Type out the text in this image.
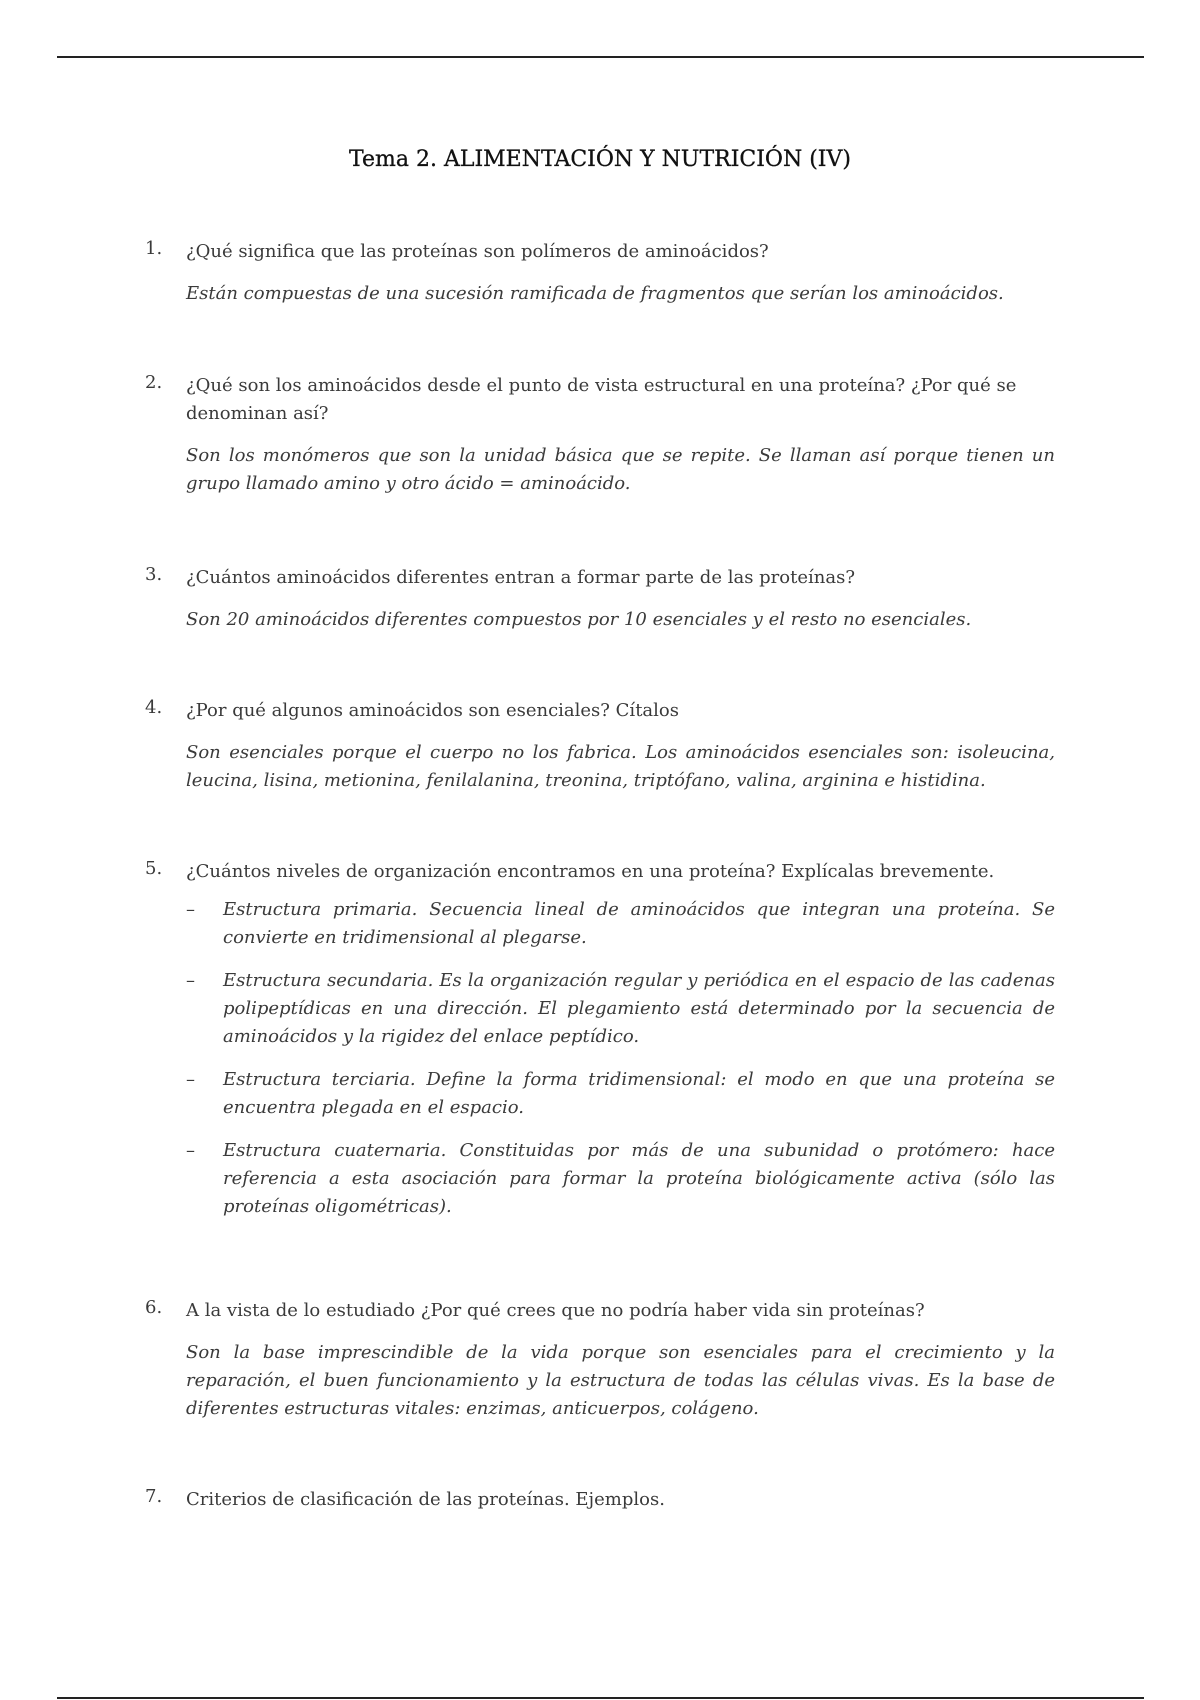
Tema 2. ALIMENTACIÓN Y NUTRICIÓN (IV)
1. ¿Qué significa que las proteínas son polímeros de aminoácidos?
Están compuestas de una sucesión ramificada de fragmentos que serían los aminoácidos.
2. ¿Qué son los aminoácidos desde el punto de vista estructural en una proteína? ¿Por qué se denominan así?
Son los monómeros que son la unidad básica que se repite. Se llaman así porque tienen un grupo llamado amino y otro ácido = aminoácido.
3. ¿Cuántos aminoácidos diferentes entran a formar parte de las proteínas?
Son 20 aminoácidos diferentes compuestos por 10 esenciales y el resto no esenciales.
4. ¿Por qué algunos aminoácidos son esenciales? Cítalos
Son esenciales porque el cuerpo no los fabrica. Los aminoácidos esenciales son: isoleucina, leucina, lisina, metionina, fenilalanina, treonina, triptófano, valina, arginina e histidina.
5. ¿Cuántos niveles de organización encontramos en una proteína? Explícalas brevemente.
– Estructura primaria. Secuencia lineal de aminoácidos que integran una proteína. Se convierte en tridimensional al plegarse.
– Estructura secundaria. Es la organización regular y periódica en el espacio de las cadenas polipeptídicas en una dirección. El plegamiento está determinado por la secuencia de aminoácidos y la rigidez del enlace peptídico.
– Estructura terciaria. Define la forma tridimensional: el modo en que una proteína se encuentra plegada en el espacio.
– Estructura cuaternaria. Constituidas por más de una subunidad o protómero: hace referencia a esta asociación para formar la proteína biológicamente activa (sólo las proteínas oligométricas).
6. A la vista de lo estudiado ¿Por qué crees que no podría haber vida sin proteínas?
Son la base imprescindible de la vida porque son esenciales para el crecimiento y la reparación, el buen funcionamiento y la estructura de todas las células vivas. Es la base de diferentes estructuras vitales: enzimas, anticuerpos, colágeno.
7. Criterios de clasificación de las proteínas. Ejemplos.
